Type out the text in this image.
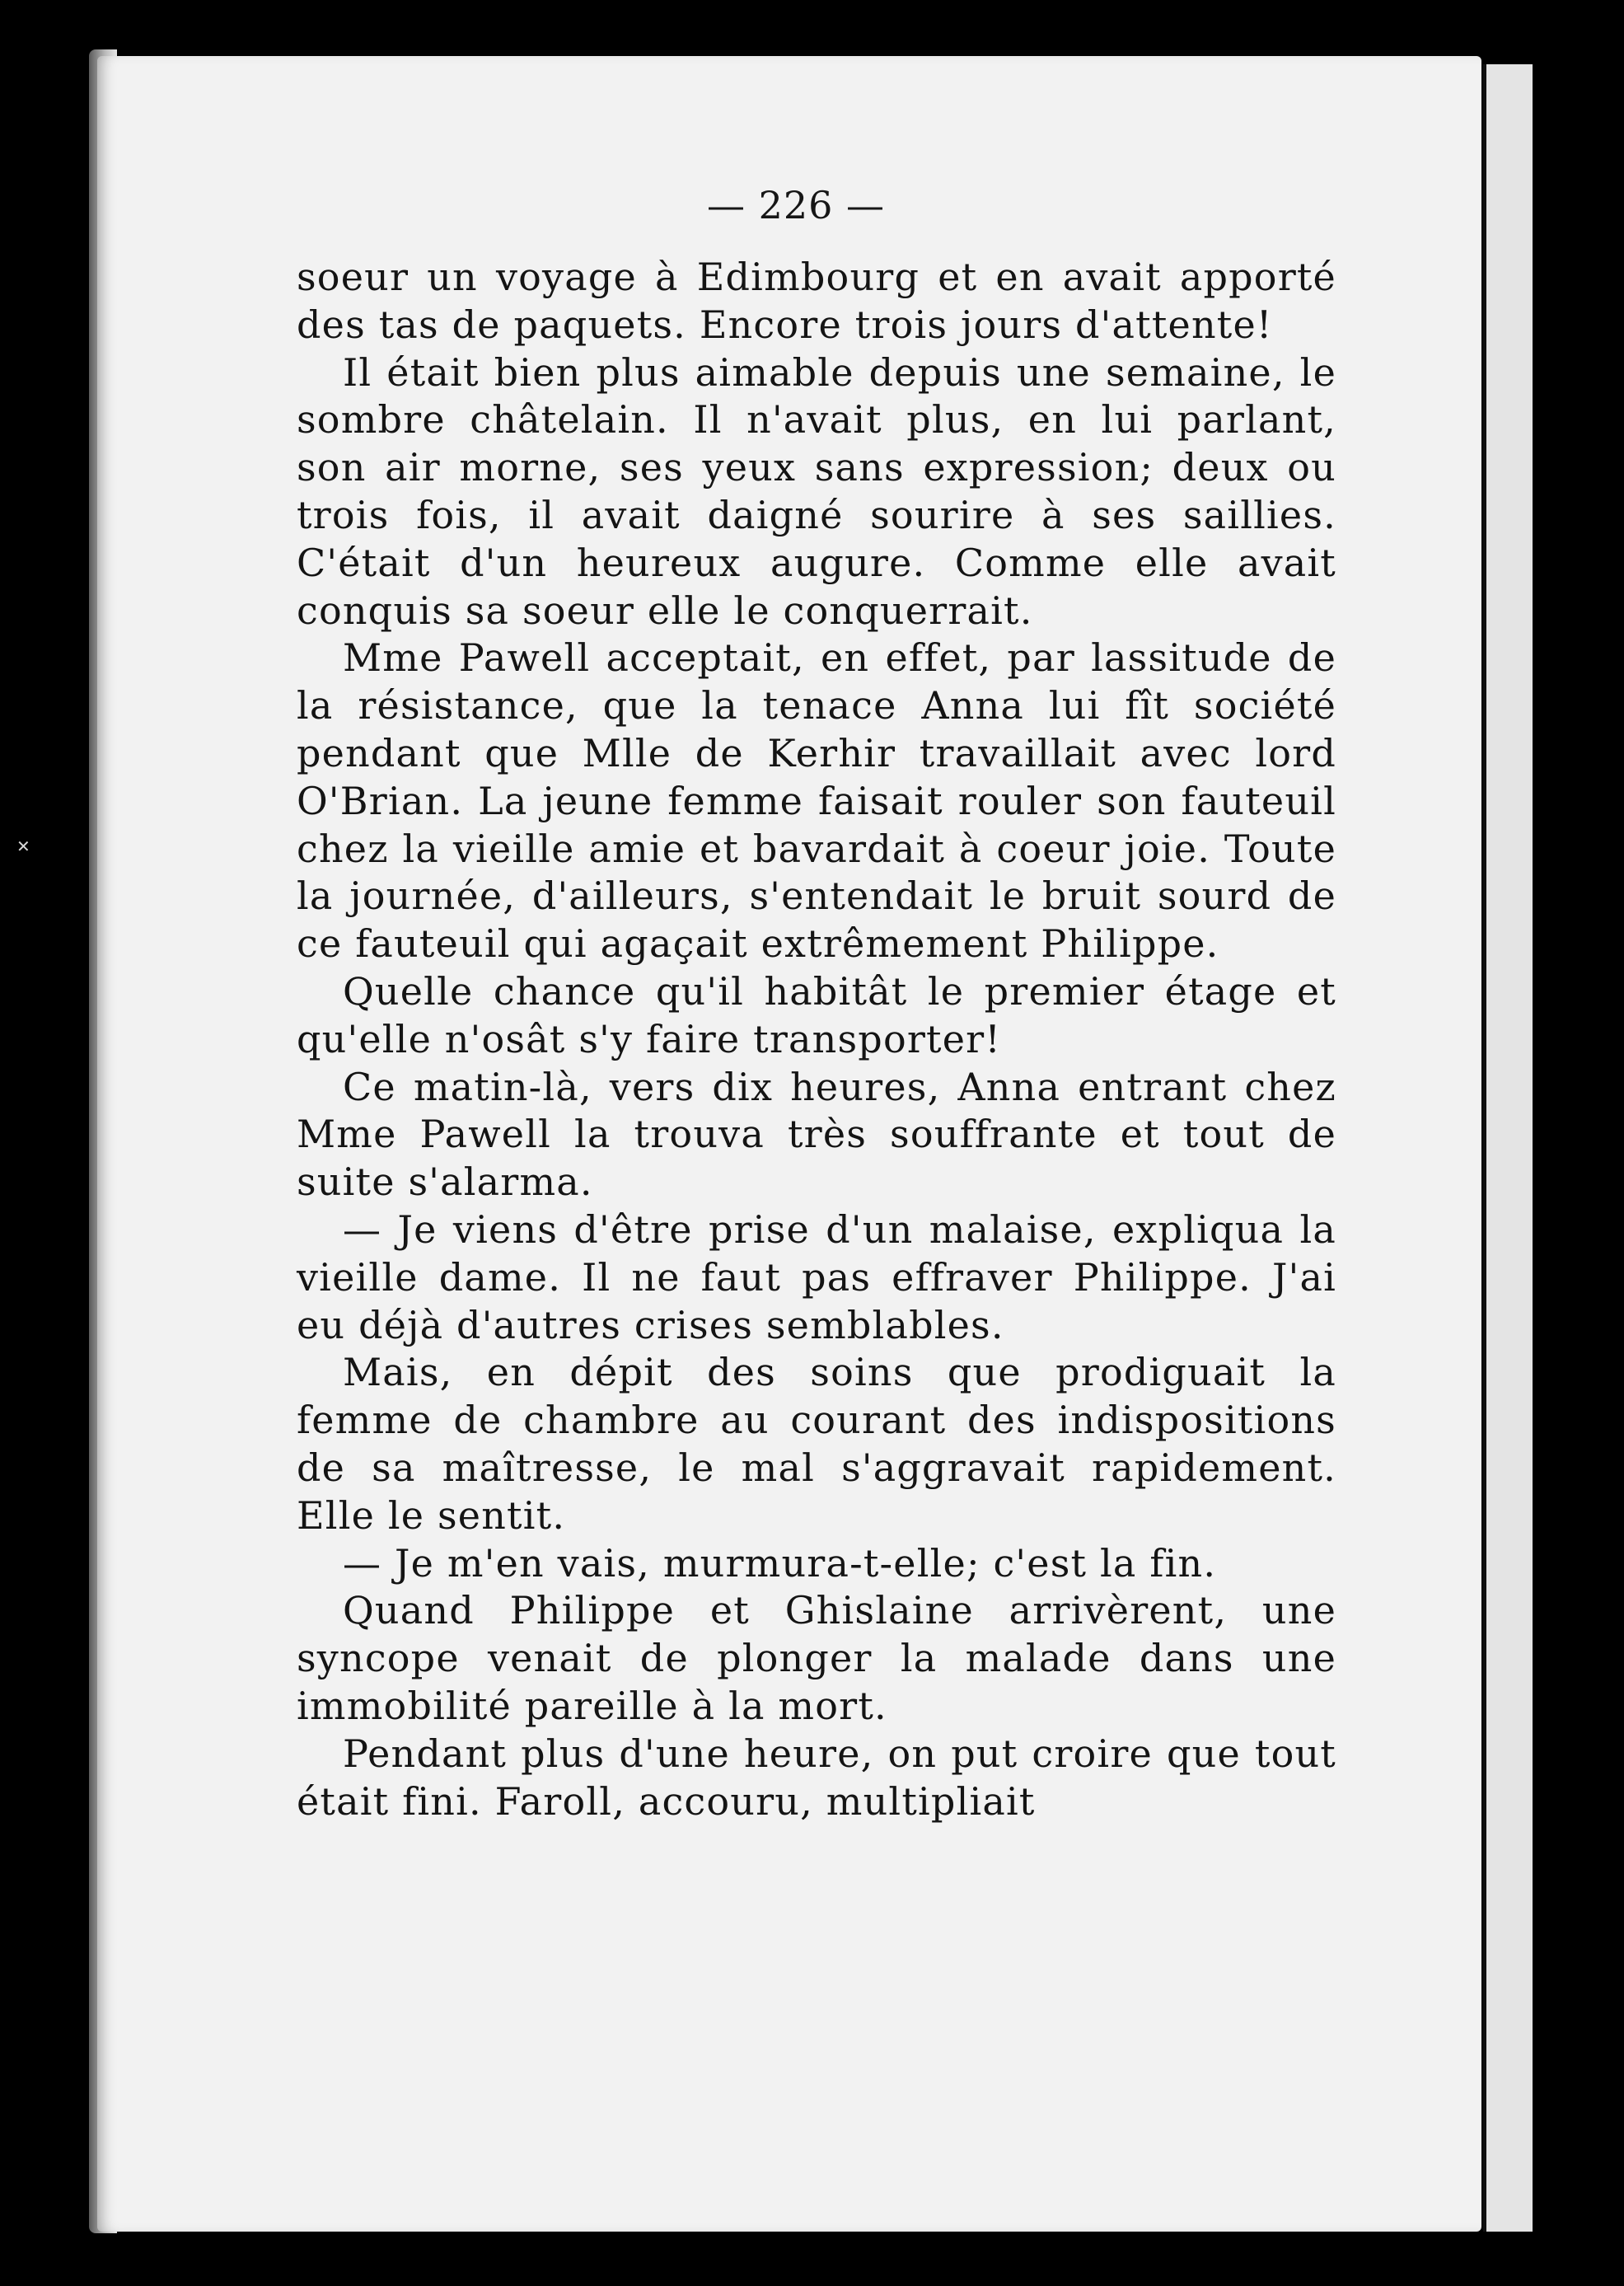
✕
— 226 —

soeur un voyage à Edimbourg et en avait apporté des tas de paquets. Encore trois jours d'attente!

Il était bien plus aimable depuis une semaine, le sombre châtelain. Il n'avait plus, en lui parlant, son air morne, ses yeux sans expression; deux ou trois fois, il avait daigné sourire à ses saillies. C'était d'un heureux augure. Comme elle avait conquis sa soeur elle le conquerrait.

Mme Pawell acceptait, en effet, par lassitude de la résistance, que la tenace Anna lui fît société pendant que Mlle de Kerhir travaillait avec lord O'Brian. La jeune femme faisait rouler son fauteuil chez la vieille amie et bavardait à coeur joie. Toute la journée, d'ailleurs, s'entendait le bruit sourd de ce fauteuil qui agaçait extrêmement Philippe.

Quelle chance qu'il habitât le premier étage et qu'elle n'osât s'y faire transporter!

Ce matin-là, vers dix heures, Anna entrant chez Mme Pawell la trouva très souffrante et tout de suite s'alarma.

— Je viens d'être prise d'un malaise, expliqua la vieille dame. Il ne faut pas effraver Philippe. J'ai eu déjà d'autres crises semblables.

Mais, en dépit des soins que prodiguait la femme de chambre au courant des indispositions de sa maîtresse, le mal s'aggravait rapidement. Elle le sentit.

— Je m'en vais, murmura-t-elle; c'est la fin.

Quand Philippe et Ghislaine arrivèrent, une syncope venait de plonger la malade dans une immobilité pareille à la mort.

Pendant plus d'une heure, on put croire que tout était fini. Faroll, accouru, multipliait
